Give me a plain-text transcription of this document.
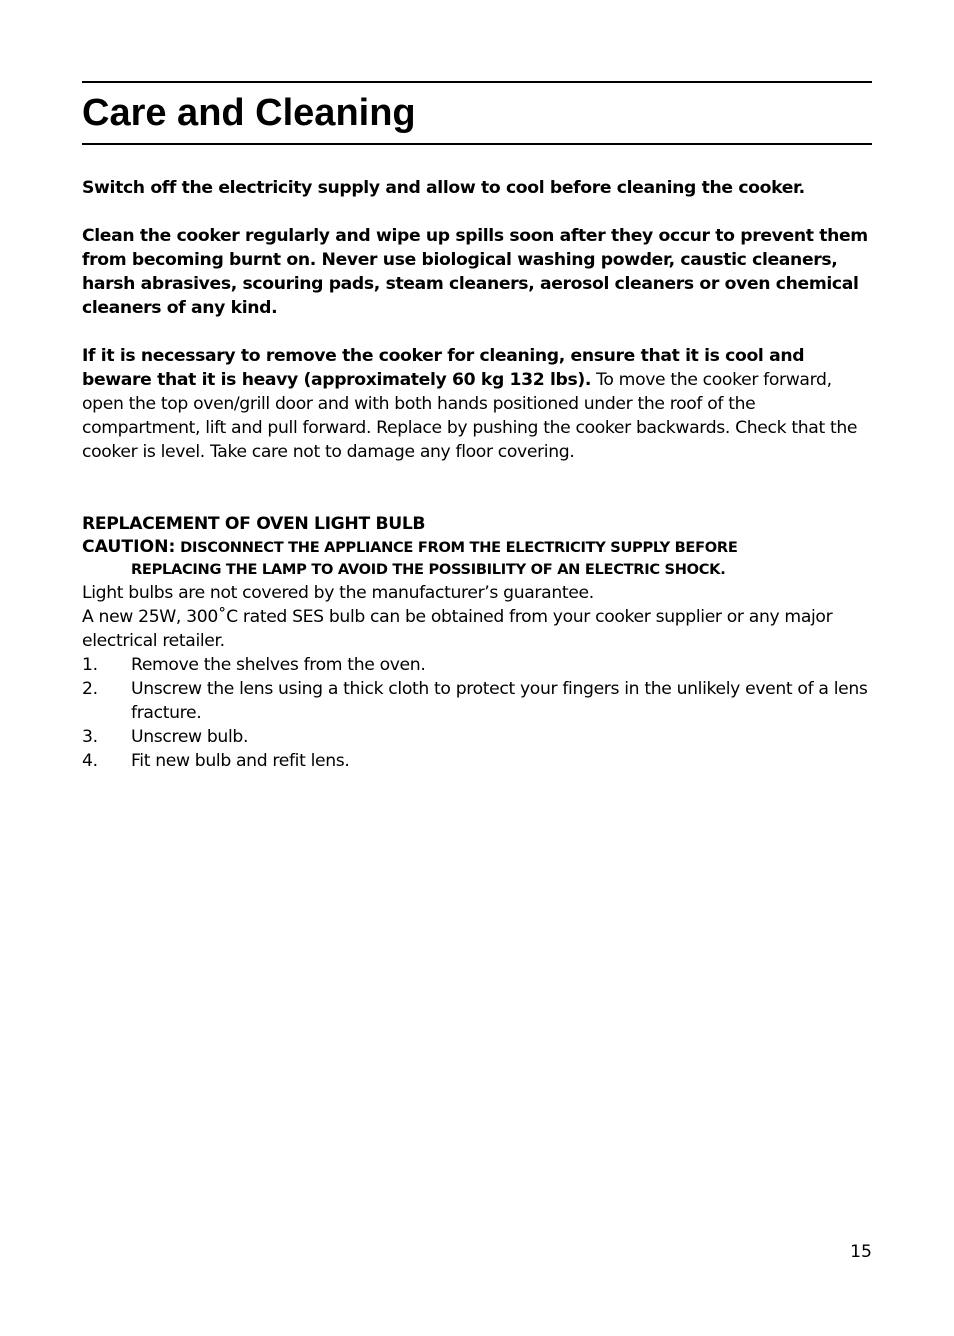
Care and Cleaning

Switch off the electricity supply and allow to cool before cleaning the cooker.

Clean the cooker regularly and wipe up spills soon after they occur to prevent them from becoming burnt on. Never use biological washing powder, caustic cleaners, harsh abrasives, scouring pads, steam cleaners, aerosol cleaners or oven chemical cleaners of any kind.

If it is necessary to remove the cooker for cleaning, ensure that it is cool and beware that it is heavy (approximately 60 kg 132 lbs). To move the cooker forward, open the top oven/grill door and with both hands positioned under the roof of the compartment, lift and pull forward. Replace by pushing the cooker backwards. Check that the cooker is level. Take care not to damage any floor covering.

REPLACEMENT OF OVEN LIGHT BULB
CAUTION: DISCONNECT THE APPLIANCE FROM THE ELECTRICITY SUPPLY BEFORE
REPLACING THE LAMP TO AVOID THE POSSIBILITY OF AN ELECTRIC SHOCK.

Light bulbs are not covered by the manufacturer’s guarantee.

A new 25W, 300˚C rated SES bulb can be obtained from your cooker supplier or any major electrical retailer.

1.	Remove the shelves from the oven.
2.	Unscrew the lens using a thick cloth to protect your fingers in the unlikely event of a lens fracture.
3.	Unscrew bulb.
4.	Fit new bulb and refit lens.
15
